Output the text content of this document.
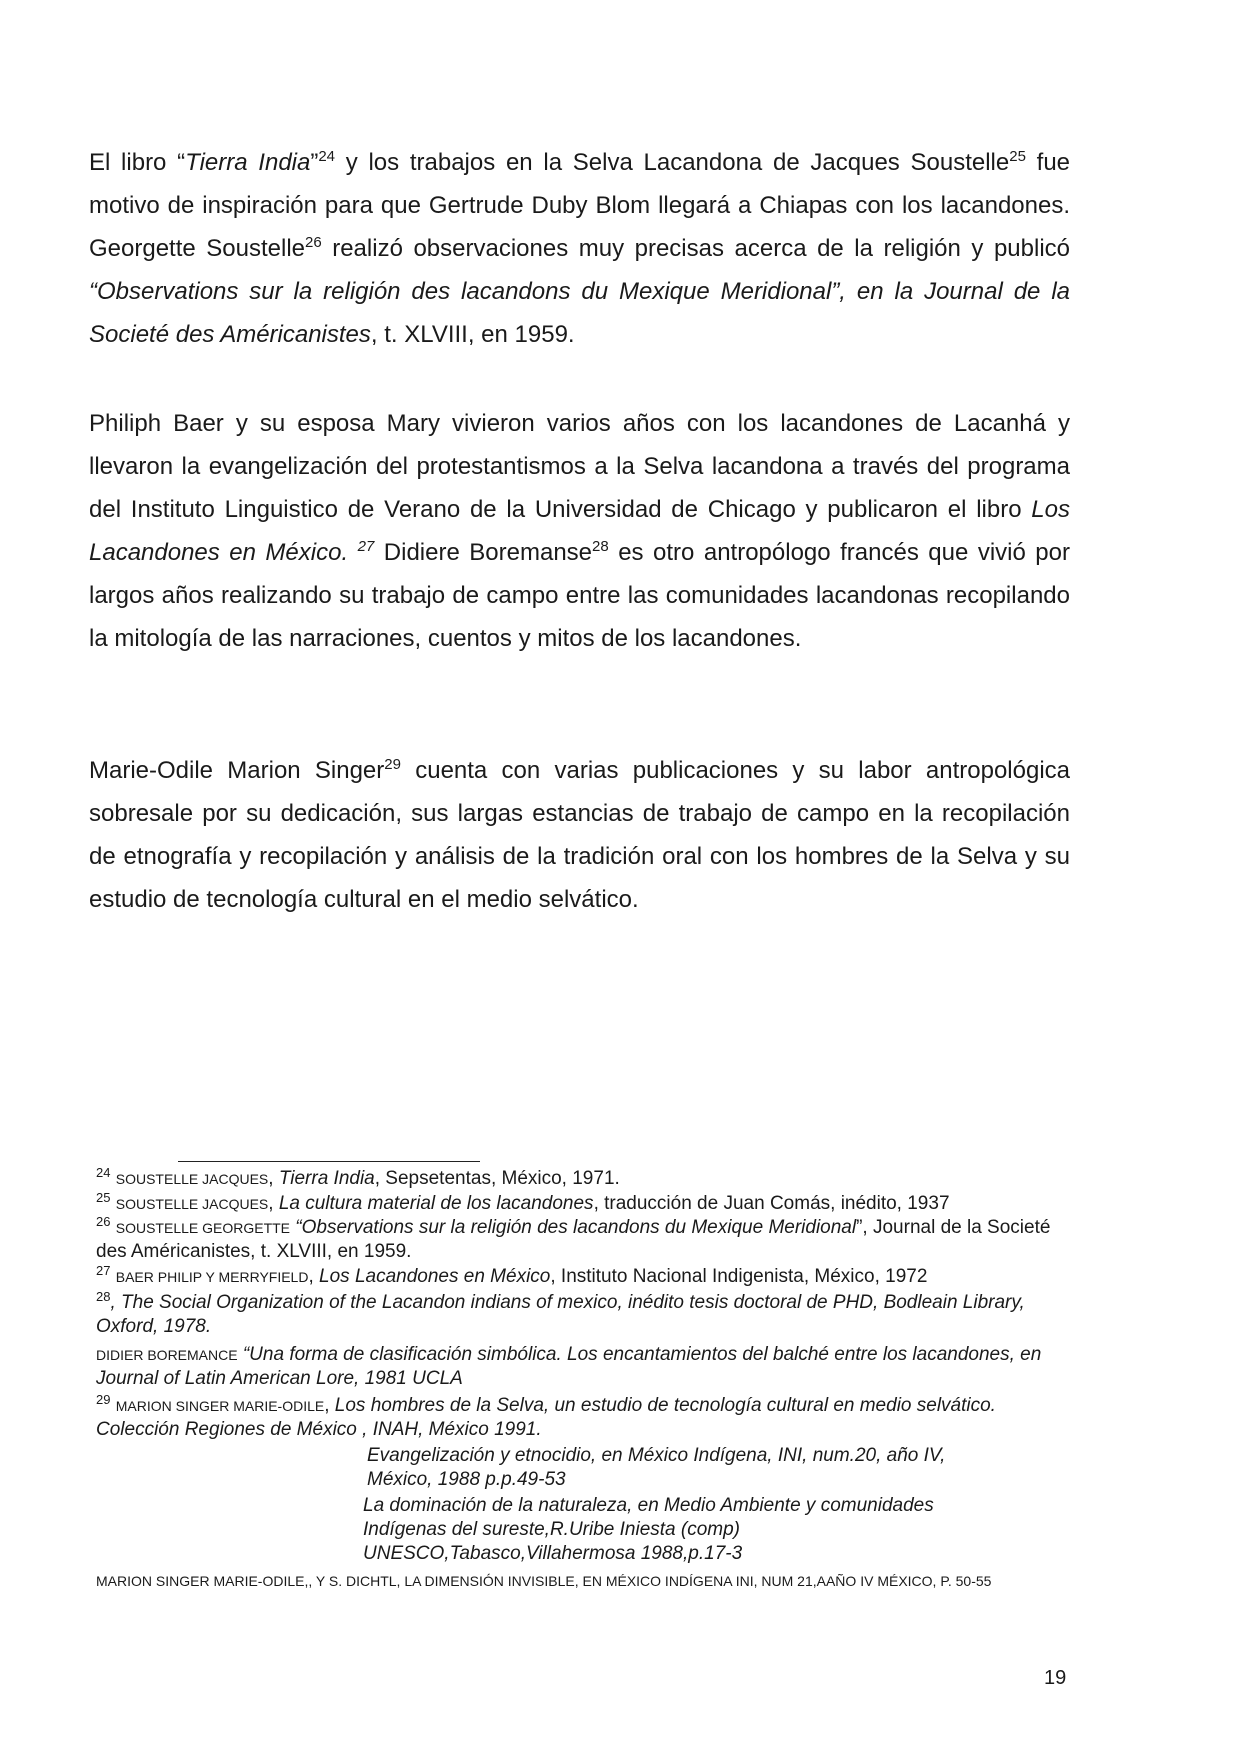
El libro “Tierra India”$^{24}$ y los trabajos en la Selva Lacandona de Jacques Soustelle$^{25}$ fue motivo de inspiración para que Gertrude Duby Blom llegará a Chiapas con los lacandones. Georgette Soustelle$^{26}$ realizó observaciones muy precisas acerca de la religión y publicó “Observations sur la religión des lacandons du Mexique Meridional”, en la Journal de la Societé des Américanistes, t. XLVIII, en 1959.

Philiph Baer y su esposa Mary vivieron varios años con los lacandones de Lacanhá y llevaron la evangelización del protestantismos a la Selva lacandona a través del programa del Instituto Linguistico de Verano de la Universidad de Chicago y publicaron el libro Los Lacandones en México. $^{27}$ Didiere Boremanse$^{28}$ es otro antropólogo francés que vivió por largos años realizando su trabajo de campo entre las comunidades lacandonas recopilando la mitología de las narraciones, cuentos y mitos de los lacandones.

Marie-Odile Marion Singer$^{29}$ cuenta con varias publicaciones y su labor antropológica sobresale por su dedicación, sus largas estancias de trabajo de campo en la recopilación de etnografía y recopilación y análisis de la tradición oral con los hombres de la Selva y su estudio de tecnología cultural en el medio selvático.

$^{24}$ SOUSTELLE JACQUES, Tierra India, Sepsetentas, México, 1971.

$^{25}$ SOUSTELLE JACQUES, La cultura material de los lacandones, traducción de Juan Comás, inédito, 1937

$^{26}$ SOUSTELLE GEORGETTE “Observations sur la religión des lacandons du Mexique Meridional”, Journal de la Societé des Américanistes, t. XLVIII, en 1959.

$^{27}$ BAER PHILIP Y MERRYFIELD, Los Lacandones en México, Instituto Nacional Indigenista, México, 1972

$^{28}$, The Social Organization of the Lacandon indians of mexico, inédito tesis doctoral de PHD, Bodleain Library, Oxford, 1978.

DIDIER BOREMANCE “Una forma de clasificación simbólica. Los encantamientos del balché entre los lacandones, en Journal of Latin American Lore, 1981 UCLA

$^{29}$ MARION SINGER MARIE-ODILE, Los hombres de la Selva, un estudio de tecnología cultural en medio selvático. Colección Regiones de México , INAH, México 1991.

Evangelización y etnocidio, en México Indígena, INI, num.20, año IV,
México, 1988 p.p.49-53

La dominación de la naturaleza, en Medio Ambiente y comunidades
Indígenas del sureste,R.Uribe Iniesta (comp)
UNESCO,Tabasco,Villahermosa 1988,p.17-3

MARION SINGER MARIE-ODILE,, Y S. DICHTL, LA DIMENSIÓN INVISIBLE, EN MÉXICO INDÍGENA INI, NUM 21,AAÑO IV MÉXICO, P. 50-55

19
